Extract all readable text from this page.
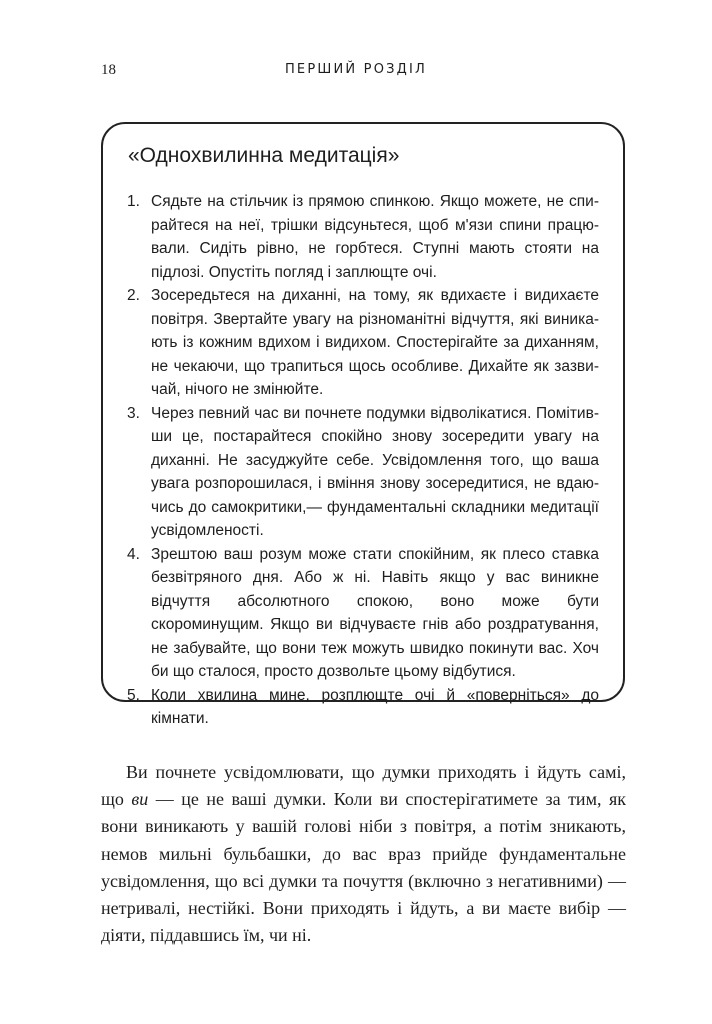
18	ПЕРШИЙ РОЗДІЛ
«Однохвилинна медитація»
1. Сядьте на стільчик із прямою спинкою. Якщо можете, не спирайтеся на неї, трішки відсуньтеся, щоб м'язи спини працювали. Сидіть рівно, не горбтеся. Ступні мають стояти на підлозі. Опустіть погляд і заплющте очі.
2. Зосередьтеся на диханні, на тому, як вдихаєте і видихаєте повітря. Звертайте увагу на різноманітні відчуття, які виникають із кожним вдихом і видихом. Спостерігайте за диханням, не чекаючи, що трапиться щось особливе. Дихайте як зазвичай, нічого не змінюйте.
3. Через певний час ви почнете подумки відволікатися. Помітивши це, постарайтеся спокійно знову зосередити увагу на диханні. Не засуджуйте себе. Усвідомлення того, що ваша увага розпорошилася, і вміння знову зосередитися, не вдаючись до самокритики,— фундаментальні складники медитації усвідомленості.
4. Зрештою ваш розум може стати спокійним, як плесо ставка безвітряного дня. Або ж ні. Навіть якщо у вас виникне відчуття абсолютного спокою, воно може бути скороминущим. Якщо ви відчуваєте гнів або роздратування, не забувайте, що вони теж можуть швидко покинути вас. Хоч би що сталося, просто дозвольте цьому відбутися.
5. Коли хвилина мине, розплющте очі й «поверніться» до кімнати.

Ви почнете усвідомлювати, що думки приходять і йдуть самі, що ви — це не ваші думки. Коли ви спостерігатимете за тим, як вони виникають у вашій голові ніби з повітря, а потім зникають, немов мильні бульбашки, до вас враз прийде фундаментальне усвідомлення, що всі думки та почуття (включно з негативними) — нетривалі, нестійкі. Вони приходять і йдуть, а ви маєте вибір — діяти, піддавшись їм, чи ні.
